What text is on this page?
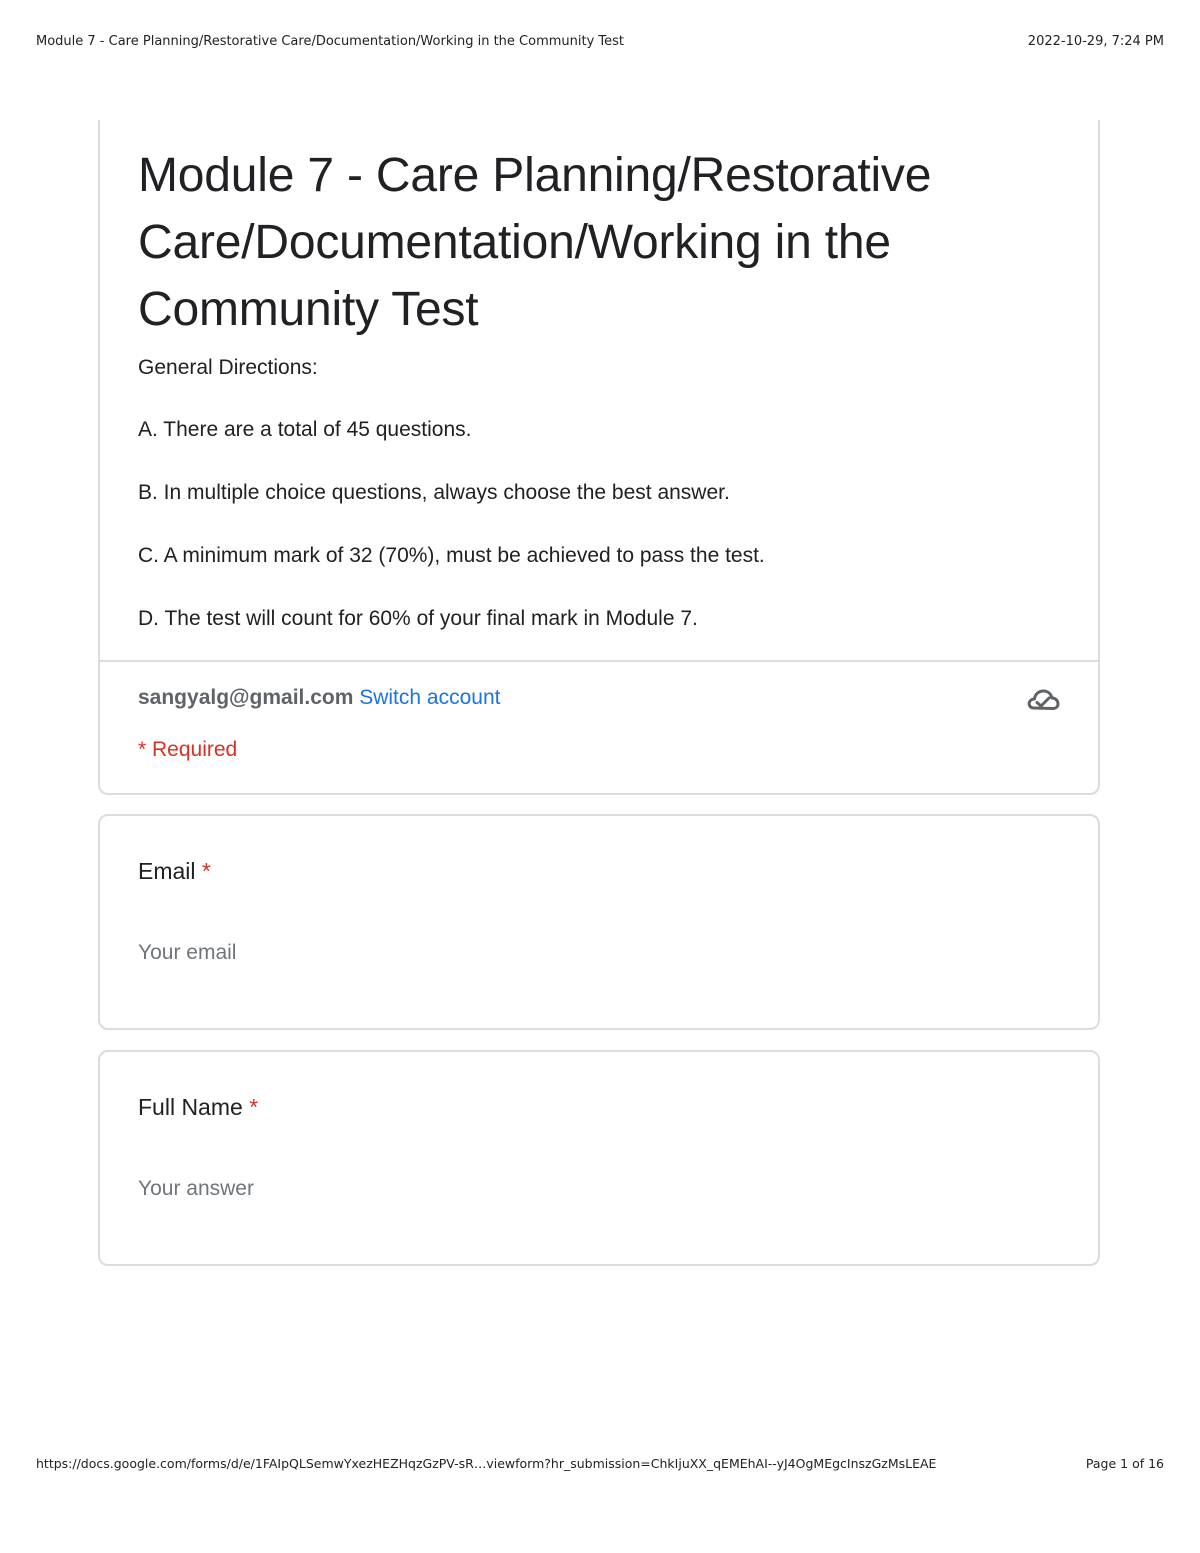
Module 7 - Care Planning/Restorative Care/Documentation/Working in the Community Test	2022-10-29, 7:24 PM
Module 7 - Care Planning/Restorative Care/Documentation/Working in the Community Test

General Directions:

A. There are a total of 45 questions.

B. In multiple choice questions, always choose the best answer.

C. A minimum mark of 32 (70%), must be achieved to pass the test.

D. The test will count for 60% of your final mark in Module 7.

sangyalg@gmail.com Switch account
* Required
Email *
Your email
Full Name *
Your answer
https://docs.google.com/forms/d/e/1FAIpQLSemwYxezHEZHqzGzPV-sR…viewform?hr_submission=ChkIjuXX_qEMEhAI--yJ4OgMEgcInszGzMsLEAE	Page 1 of 16
